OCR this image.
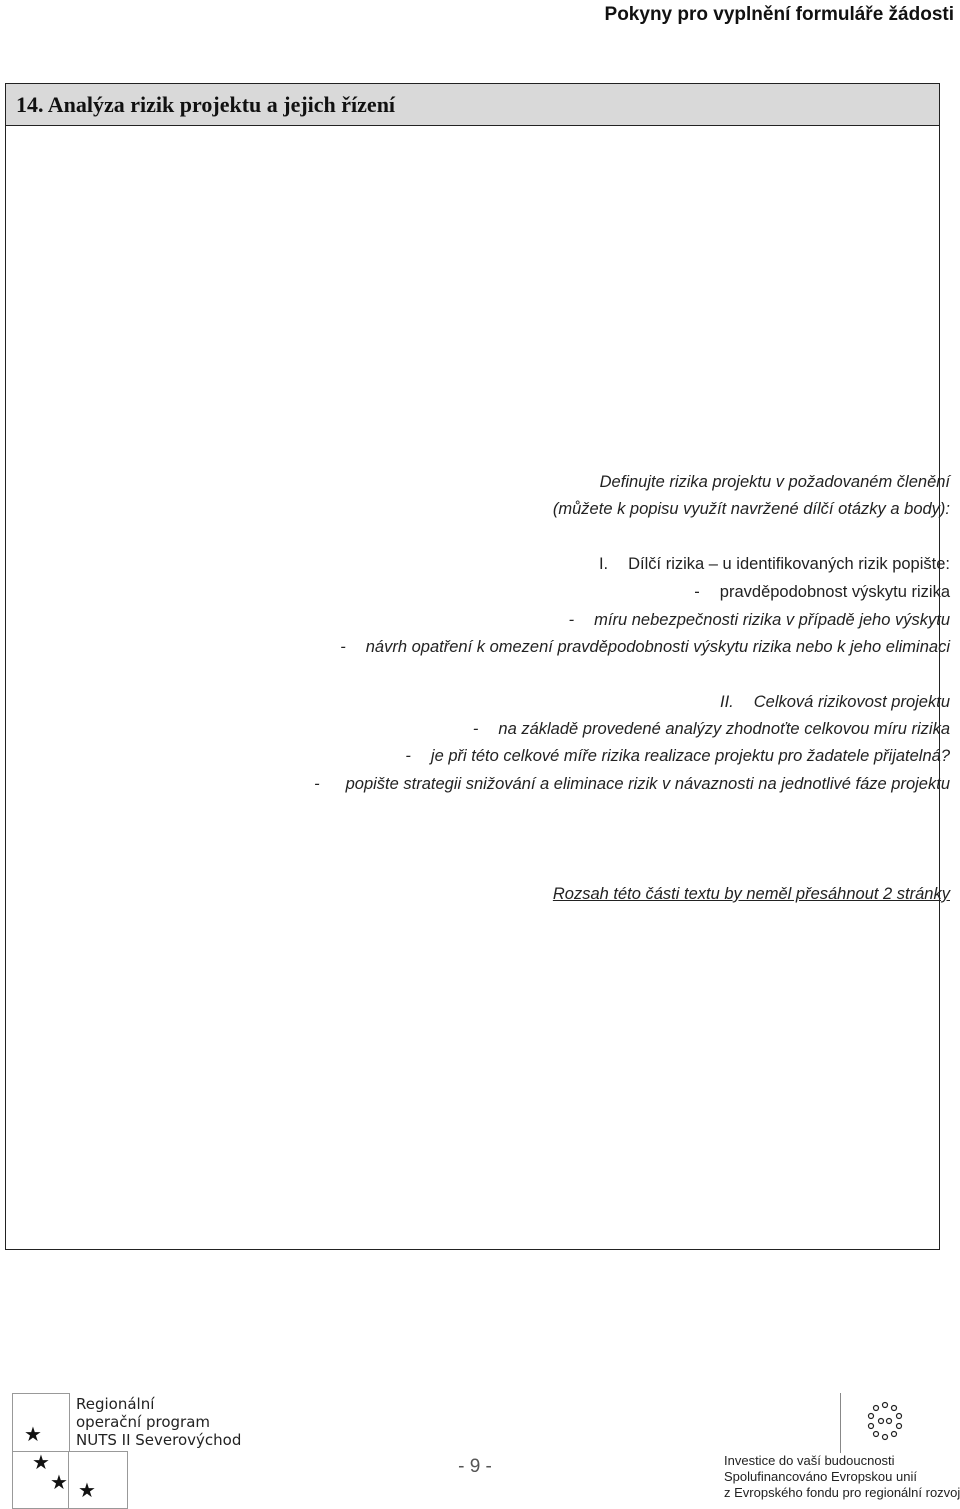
Pokyny pro vyplnění formuláře žádosti
14. Analýza rizik projektu a jejich řízení
Definujte rizika projektu v požadovaném členění
(můžete k popisu využít navržené dílčí otázky a body):
I. Dílčí rizika – u identifikovaných rizik popište:
- pravděpodobnost výskytu rizika
- míru nebezpečnosti rizika v případě jeho výskytu
- návrh opatření k omezení pravděpodobnosti výskytu rizika nebo k jeho eliminaci
II. Celková rizikovost projektu
- na základě provedené analýzy zhodnoťte celkovou míru rizika
- je při této celkové míře rizika realizace projektu pro žadatele přijatelná?
- popište strategii snižování a eliminace rizik v návaznosti na jednotlivé fáze projektu
Rozsah této části textu by neměl přesáhnout 2 stránky
★
★
★ ★
Regionální
operační program
NUTS II Severovýchod
- 9 -	Investice do vaší budoucnosti
Spolufinancováno Evropskou unií
z Evropského fondu pro regionální rozvoj
